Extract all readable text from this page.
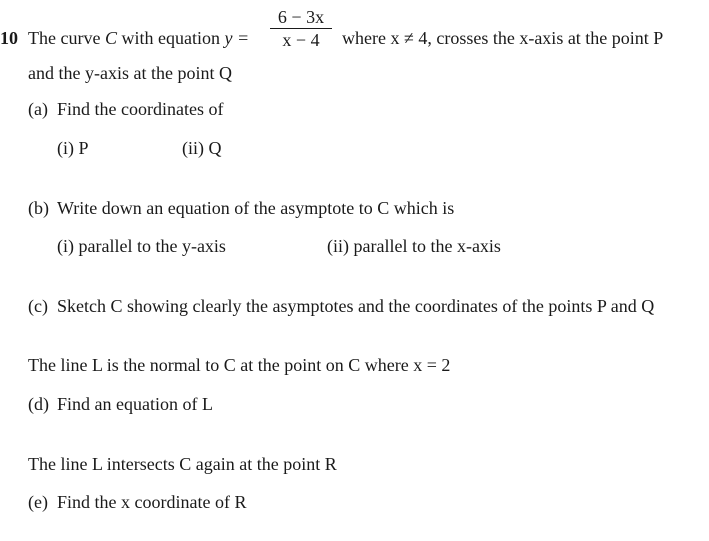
10 The curve C with equation y =
6 − 3x
x − 4	where x ≠ 4, crosses the x-axis at the point P
and the y-axis at the point Q
(a) Find the coordinates of
(i) P	(ii) Q
(b) Write down an equation of the asymptote to C which is
(i) parallel to the y-axis	(ii) parallel to the x-axis
(c) Sketch C showing clearly the asymptotes and the coordinates of the points P and Q
The line L is the normal to C at the point on C where x = 2
(d) Find an equation of L
The line L intersects C again at the point R
(e) Find the x coordinate of R
